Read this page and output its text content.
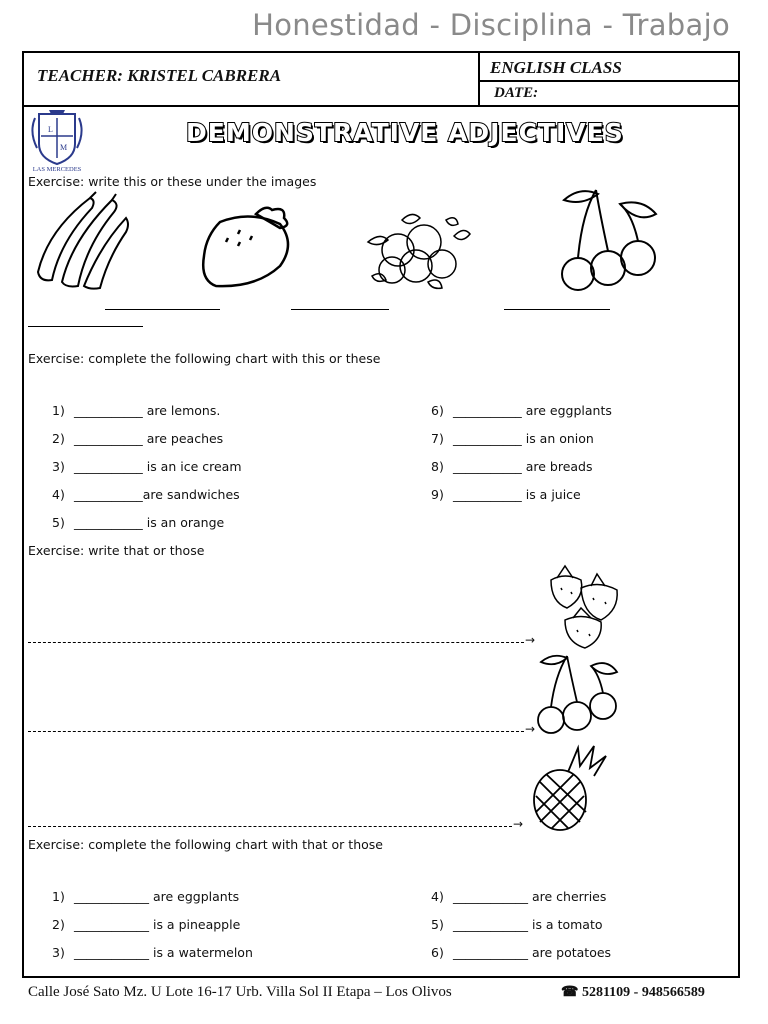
Honestidad - Disciplina - Trabajo
TEACHER: KRISTEL CABRERA	ENGLISH CLASS
DATE:
L
M
LAS MERCEDES
DEMONSTRATIVE ADJECTIVES
Exercise: write this or these under the images
Exercise: complete the following chart with this or these
1) ___________ are lemons.
2) ___________ are peaches
3) ___________ is an ice cream
4) ___________are sandwiches
5) ___________ is an orange
6) ___________ are eggplants
7) ___________ is an onion
8) ___________ are breads
9) ___________ is a juice
Exercise: write that or those
→
→
→
Exercise: complete the following chart with that or those
1) ____________ are eggplants
2) ____________ is a pineapple
3) ____________ is a watermelon
4) ____________ are cherries
5) ____________ is a tomato
6) ____________ are potatoes
Calle José Sato Mz. U Lote 16-17 Urb. Villa Sol II Etapa – Los Olivos	☎ 5281109 - 948566589
